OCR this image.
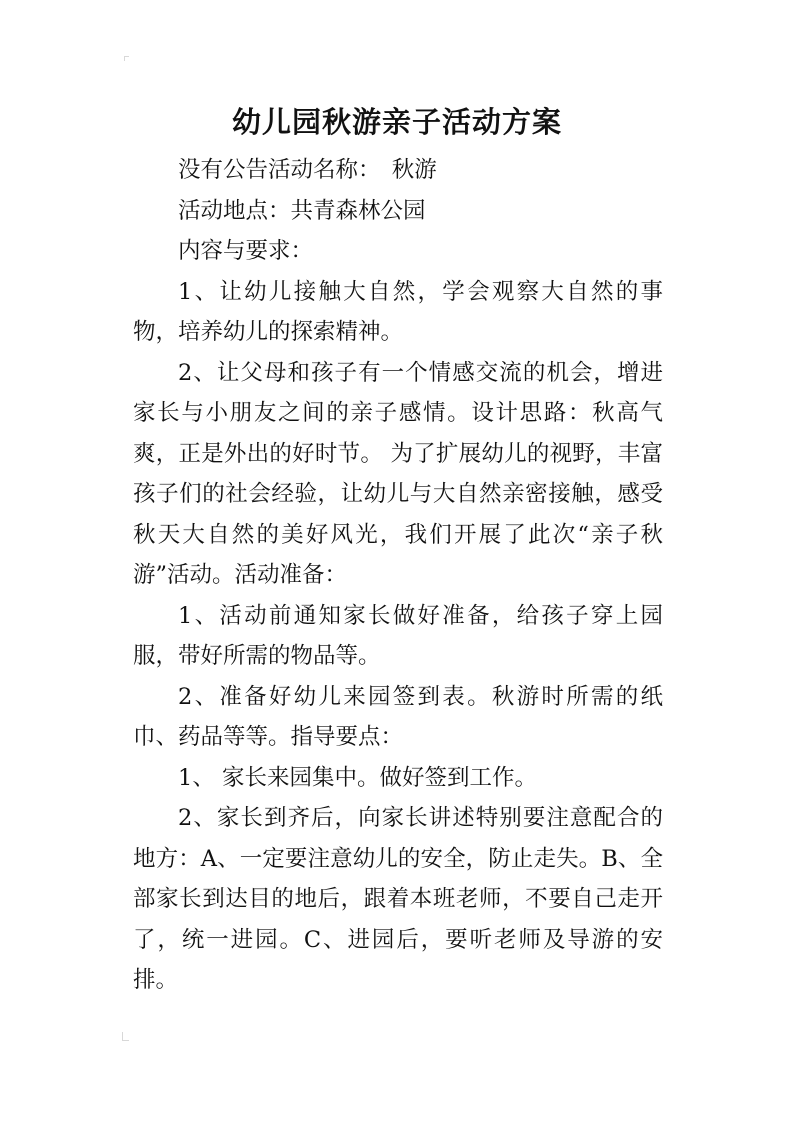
幼儿园秋游亲子活动方案

没有公告活动名称：　秋游

活动地点：共青森林公园

内容与要求：

1、让幼儿接触大自然，学会观察大自然的事物，培养幼儿的探索精神。

2、让父母和孩子有一个情感交流的机会，增进家长与小朋友之间的亲子感情。设计思路：秋高气爽，正是外出的好时节。 为了扩展幼儿的视野，丰富孩子们的社会经验，让幼儿与大自然亲密接触，感受秋天大自然的美好风光，我们开展了此次“亲子秋游”活动。活动准备：

1、活动前通知家长做好准备，给孩子穿上园服，带好所需的物品等。

2、准备好幼儿来园签到表。秋游时所需的纸巾、药品等等。指导要点：

1、 家长来园集中。做好签到工作。

2、家长到齐后，向家长讲述特别要注意配合的地方：A、一定要注意幼儿的安全，防止走失。B、全部家长到达目的地后，跟着本班老师，不要自己走开了，统一进园。C、进园后，要听老师及导游的安排。
